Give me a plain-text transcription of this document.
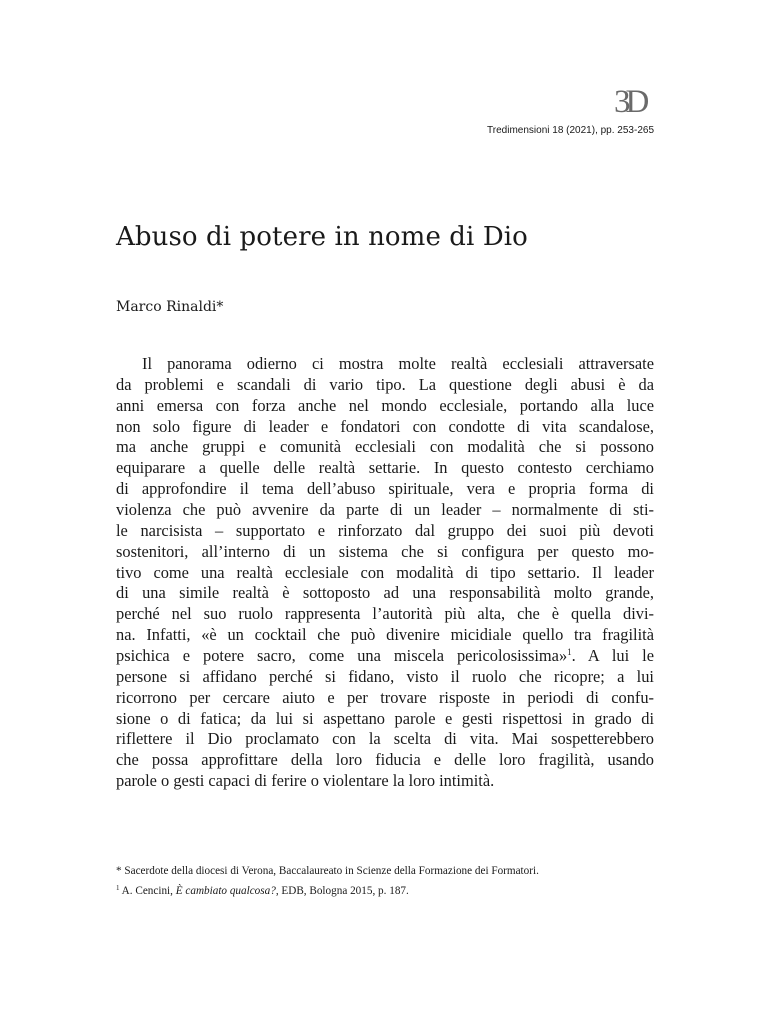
3D
Tredimensioni 18 (2021), pp. 253-265
Abuso di potere in nome di Dio
Marco Rinaldi*
Il panorama odierno ci mostra molte realtà ecclesiali attraversate
da problemi e scandali di vario tipo. La questione degli abusi è da
anni emersa con forza anche nel mondo ecclesiale, portando alla luce
non solo figure di leader e fondatori con condotte di vita scandalose,
ma anche gruppi e comunità ecclesiali con modalità che si possono
equiparare a quelle delle realtà settarie. In questo contesto cerchiamo
di approfondire il tema dell’abuso spirituale, vera e propria forma di
violenza che può avvenire da parte di un leader – normalmente di sti-
le narcisista – supportato e rinforzato dal gruppo dei suoi più devoti
sostenitori, all’interno di un sistema che si configura per questo mo-
tivo come una realtà ecclesiale con modalità di tipo settario. Il leader
di una simile realtà è sottoposto ad una responsabilità molto grande,
perché nel suo ruolo rappresenta l’autorità più alta, che è quella divi-
na. Infatti, «è un cocktail che può divenire micidiale quello tra fragilità
psichica e potere sacro, come una miscela pericolosissima»$^1$. A lui le
persone si affidano perché si fidano, visto il ruolo che ricopre; a lui
ricorrono per cercare aiuto e per trovare risposte in periodi di confu-
sione o di fatica; da lui si aspettano parole e gesti rispettosi in grado di
riflettere il Dio proclamato con la scelta di vita. Mai sospetterebbero
che possa approfittare della loro fiducia e delle loro fragilità, usando
parole o gesti capaci di ferire o violentare la loro intimità.
* Sacerdote della diocesi di Verona, Baccalaureato in Scienze della Formazione dei Formatori.
$^1$ A. Cencini, È cambiato qualcosa?, EDB, Bologna 2015, p. 187.
